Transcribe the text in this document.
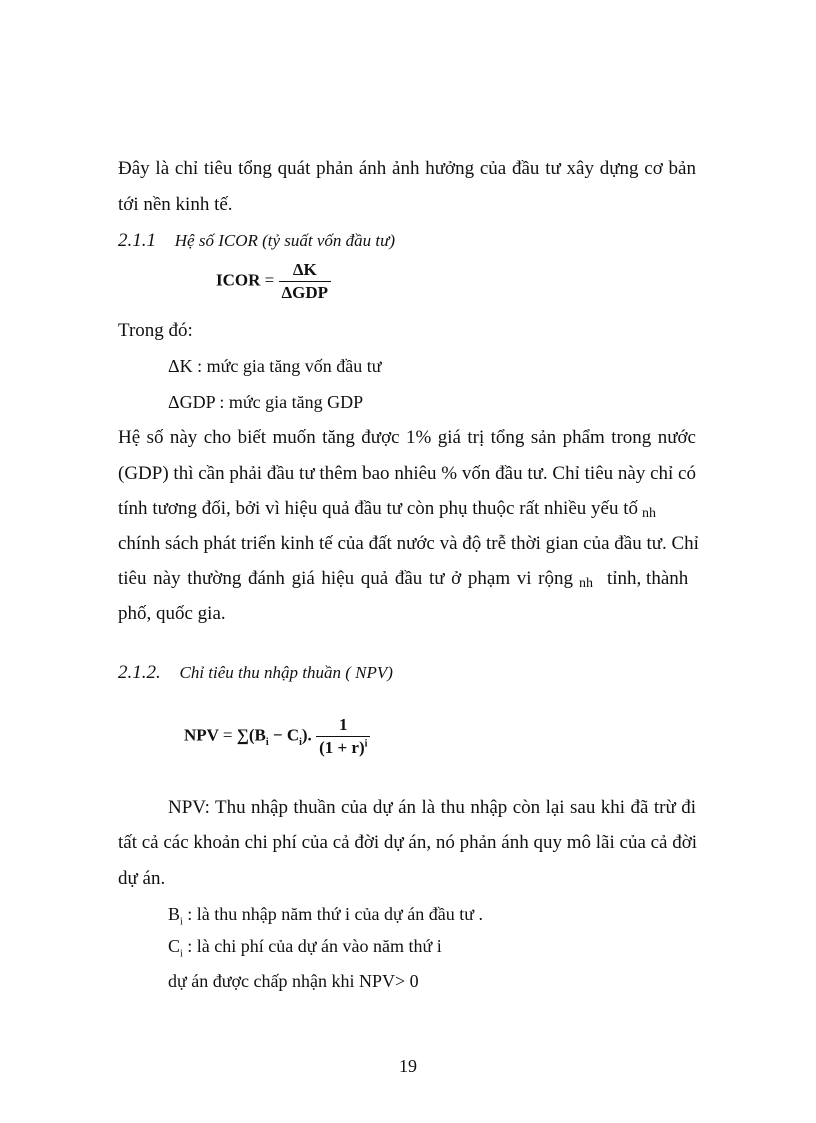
Đây là chỉ tiêu tổng quát phản ánh ảnh hưởng của đầu tư xây dựng cơ bản
tới nền kinh tế.
2.1.1 Hệ số ICOR (tỷ suất vốn đầu tư)
ICOR = $\frac{\Delta K}{\text{ΔGDP}}$
Trong đó:
ΔK : mức gia tăng vốn đầu tư
ΔGDP : mức gia tăng GDP
Hệ số này cho biết muốn tăng được 1% giá trị tổng sản phẩm trong nước
(GDP) thì cần phải đầu tư thêm bao nhiêu % vốn đầu tư. Chỉ tiêu này chỉ có
tính tương đối, bởi vì hiệu quả đầu tư còn phụ thuộc rất nhiều yếu tố nh
chính sách phát triển kinh tế của đất nước và độ trễ thời gian của đầu tư. Chỉ
tiêu này thường đánh giá hiệu quả đầu tư ở phạm vi rộng nh tỉnh, thành
phố, quốc gia.
2.1.2. Chỉ tiêu thu nhập thuần ( NPV)
NPV = $\sum(B_i - C_i)$. $\frac{1}{(1 + r)^i}$
NPV: Thu nhập thuần của dự án là thu nhập còn lại sau khi đã trừ đi
tất cả các khoản chi phí của cả đời dự án, nó phản ánh quy mô lãi của cả đời
dự án.
$B_i$ : là thu nhập năm thứ i của dự án đầu tư .
$C_i$ : là chi phí của dự án vào năm thứ i
dự án được chấp nhận khi NPV> 0
19
